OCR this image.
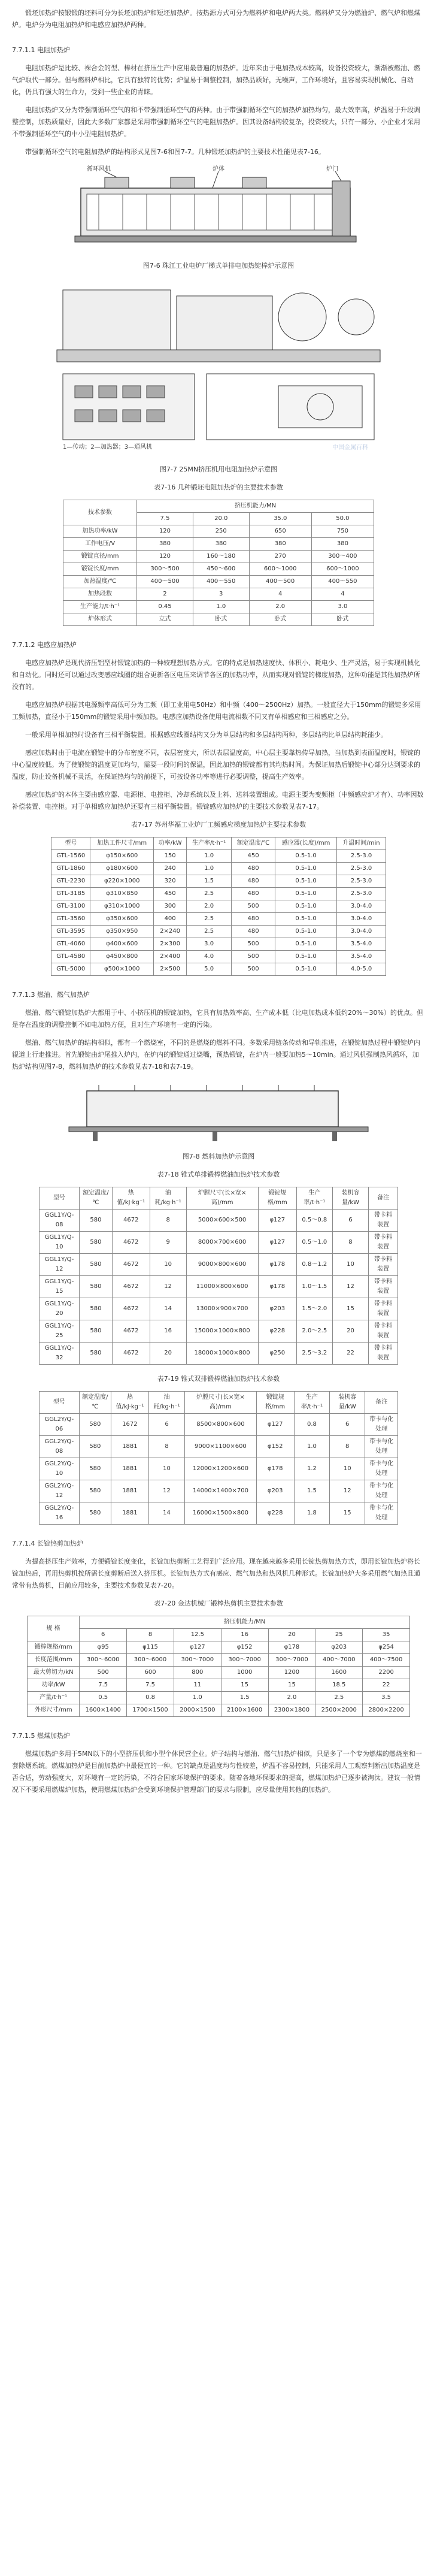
锻坯加热炉按锻锻的坯料可分为长坯加热炉和短坯加热炉。按热源方式可分为燃料炉和电炉两大类。燃料炉又分为燃油炉、燃气炉和燃煤炉。电炉分为电阻加热炉和电感应加热炉两种。

7.7.1.1 电阻加热炉

电阻加热炉是比较、裸合金的型、棒材在挤压生产中应用最普遍的加热炉。近年来由于电加热成本较高，设备投资较大，渐渐被燃油、燃气炉取代一部分。但与燃料炉相比，它具有独特的优势；炉温易于调整控制，加热品质好，无噪声，工作环境好，且容易实现机械化、自动化，仍具有强大的生命力，受到一些企业的青睐。

电阻加热炉又分为带强制循环空气的和不带强制循环空气的两种。由于带强制循环空气的加热炉加热均匀，最大效率高，炉温易于升段调整控制，加热质量好，因此大多数厂家都是采用带强制循环空气的电阻加热炉。因其设备结构较复杂，投资较大，只有一部分、小企业才采用不带强制循环空气的中小型电阻加热炉。

带强制循环空气的电阻加热炉的结构形式见图7-6和图7-7。几种锻坯加热炉的主要技术性能见表7-16。

循环风机	炉体	炉门
图7-6 珠江工业电炉厂梯式单排电加热锭棒炉示意图
1—传动；2—加热器；3—通风机	中国金属百科
图7-7 25MN挤压机用电阻加热炉示意图
表7-16 几种锻坯电阻加热炉的主要技术参数
技术参数	挤压机能力/MN			
	7.5	20.0	35.0	50.0
加热功率/kW	120	250	650	750
工作电压/V	380	380	380	380
锻锭直径/mm	120	160～180	270	300～400
锻锭长度/mm	300～500	450～600	600～1000	600～1000
加热温度/℃	400～500	400～550	400～500	400～550
加热段数	2	3	4	4
生产能力/t·h⁻¹	0.45	1.0	2.0	3.0
炉体形式	立式	卧式	卧式	卧式
7.7.1.2 电感应加热炉

电感应加热炉是现代挤压铝型材锻锭加热的一种较理想加热方式。它的特点是加热速度快、体积小、耗电少、生产灵活，易于实现机械化和自动化。同时还可以通过改变感应线圈的组合更新各区电压来调节各区的加热功率，从而实现对锻锭的梯度加热，这种功能是其他加热炉所没有的。

电感应加热炉根据其电源频率高低可分为工频（即工业用电50Hz）和中频（400～2500Hz）加热。一般直径大于150mm的锻锭多采用工频加热，直径小于150mm的锻锭采用中频加热。电感应加热设备使用电流相数不同又有单相感应和三相感应之分。

一般采用单相加热时设备有三相平衡装置。根据感应线圈结构又分为单层结构和多层结构两种，多层结构比单层结构耗能少。

感应加热时由于电流在锻锭中的分布密度不同，表层密度大，所以表层温度高，中心层主要靠热传导加热，当加热到表面温度时，锻锭的中心温度较低。为了使锻锭的温度更加均匀，需要一段时间的保温，因此加热的锻锭都有其均热时间。为保证加热后锻锭中心部分达到要求的温度，防止设备机械不灵活，在保证热均匀的前提下，可按设备功率等进行必要调整，提高生产效率。

感应加热炉的本体主要由感应器、电源柜、电控柜、冷却系统以及上料、送料装置组成。电源主要为变频柜（中频感应炉才有）、功率因数补偿装置、电控柜。对于单相感应加热炉还要有三相平衡装置。锻锭感应加热炉的主要技术参数见表7-17。

表7-17 苏州华福工业炉厂工频感应梯度加热炉主要技术参数
型号	加热工件尺寸/mm	功率/kW	生产率/t·h⁻¹	额定温度/℃	感应器(长度)/mm	升温时间/min
GTL-1560	φ150×600	150	1.0	450	0.5-1.0	2.5-3.0
GTL-1860	φ180×600	240	1.0	480	0.5-1.0	2.5-3.0
GTL-2230	φ220×1000	320	1.5	480	0.5-1.0	2.5-3.0
GTL-3185	φ310×850	450	2.5	480	0.5-1.0	2.5-3.0
GTL-3100	φ310×1000	300	2.0	500	0.5-1.0	3.0-4.0
GTL-3560	φ350×600	400	2.5	480	0.5-1.0	3.0-4.0
GTL-3595	φ350×950	2×240	2.5	480	0.5-1.0	3.0-4.0
GTL-4060	φ400×600	2×300	3.0	500	0.5-1.0	3.5-4.0
GTL-4580	φ450×800	2×400	4.0	500	0.5-1.0	3.5-4.0
GTL-5000	φ500×1000	2×500	5.0	500	0.5-1.0	4.0-5.0
7.7.1.3 燃油、燃气加热炉

燃油、燃气锻锭加热炉大都用于中、小挤压机的锻锭加热，它具有加热效率高、生产成本低（比电加热成本低约20%～30%）的优点。但是存在温度的调整控制不如电加热方便，且对生产环境有一定的污染。

燃油、燃气加热炉的结构相似，都有一个燃烧室，不同的是燃烧的燃料不同。多数采用链条传动和导轨推进，在锻锭加热过程中锻锭炉内辊道上行走推进。首先锻锭由炉尾推入炉内，在炉内的锻锭通过烧嘴，预热锻锭，在炉内一般要加热5～10min。通过风机强制热风循环，加热炉结构见图7-8，燃料加热炉的技术参数见表7-18和表7-19。

图7-8 燃料加热炉示意图
表7-18 锥式单排锻棒燃油加热炉技术参数
型号	额定温度/℃	热值/kJ·kg⁻¹	油耗/kg·h⁻¹	炉膛尺寸(长×宽×高)/mm	锻锭规格/mm	生产率/t·h⁻¹	装机容量/kW	备注
GGL1Y/Q-08	580	4672	8	5000×600×500	φ127	0.5～0.8	6	带卡料装置
GGL1Y/Q-10	580	4672	9	8000×700×600	φ127	0.5～1.0	8	带卡料装置
GGL1Y/Q-12	580	4672	10	9000×800×600	φ178	0.8～1.2	10	带卡料装置
GGL1Y/Q-15	580	4672	12	11000×800×600	φ178	1.0～1.5	12	带卡料装置
GGL1Y/Q-20	580	4672	14	13000×900×700	φ203	1.5～2.0	15	带卡料装置
GGL1Y/Q-25	580	4672	16	15000×1000×800	φ228	2.0～2.5	20	带卡料装置
GGL1Y/Q-32	580	4672	20	18000×1000×800	φ250	2.5～3.2	22	带卡料装置
表7-19 锥式双排锻棒燃油加热炉技术参数
型号	额定温度/℃	热值/kJ·kg⁻¹	油耗/kg·h⁻¹	炉膛尺寸(长×宽×高)/mm	锻锭规格/mm	生产率/t·h⁻¹	装机容量/kW	备注
GGL2Y/Q-06	580	1672	6	8500×800×600	φ127	0.8	6	带卡与化处理
GGL2Y/Q-08	580	1881	8	9000×1100×600	φ152	1.0	8	带卡与化处理
GGL2Y/Q-10	580	1881	10	12000×1200×600	φ178	1.2	10	带卡与化处理
GGL2Y/Q-12	580	1881	12	14000×1400×700	φ203	1.5	12	带卡与化处理
GGL2Y/Q-16	580	1881	14	16000×1500×800	φ228	1.8	15	带卡与化处理
7.7.1.4 长锭热剪加热炉

为提高挤压生产效率，方便锻锭长度变化，长锭加热剪断工艺得到广泛应用。现在越来越多采用长锭热剪加热方式，即用长锭加热炉将长锭加热后，再用热剪机按所需长度剪断后送入挤压机。长锭加热方式有感应、燃气加热和热风机几种形式。长锭加热炉大多采用燃气加热且通常带有热剪机，目前应用较多，主要技术参数见表7-20。

表7-20 金达机械厂锻棒热剪机主要技术参数
规 格	挤压机能力/MN						
	6	8	12.5	16	20	25	35
锻棒规格/mm	φ95	φ115	φ127	φ152	φ178	φ203	φ254
长度范围/mm	300～6000	300～6000	300～7000	300～7000	300～7000	400～7000	400～7500
最大剪切力/kN	500	600	800	1000	1200	1600	2200
功率/kW	7.5	7.5	11	15	15	18.5	22
产量/t·h⁻¹	0.5	0.8	1.0	1.5	2.0	2.5	3.5
外形尺寸/mm	1600×1400	1700×1500	2000×1500	2100×1600	2300×1800	2500×2000	2800×2200
7.7.1.5 燃煤加热炉

燃煤加热炉多用于5MN以下的小型挤压机和小型个体民营企业。炉子结构与燃油、燃气加热炉相似，只是多了一个专为燃煤的燃烧室和一套除烟系统。燃煤加热炉是目前加热炉中最便宜的一种。它的缺点是温度均匀性较差，炉温不容易控制，只能采用人工观察判断出加热温度是否合适，劳动强度大，对环境有一定的污染，不符合国家环境保护的要求。随着各地环保要求的提高，燃煤加热炉已逐步被淘汰。建议一般情况下不要采用燃煤炉加热，使用燃煤加热炉会受到环境保护管理部门的要求与限制，应尽量使用其他的加热炉。
